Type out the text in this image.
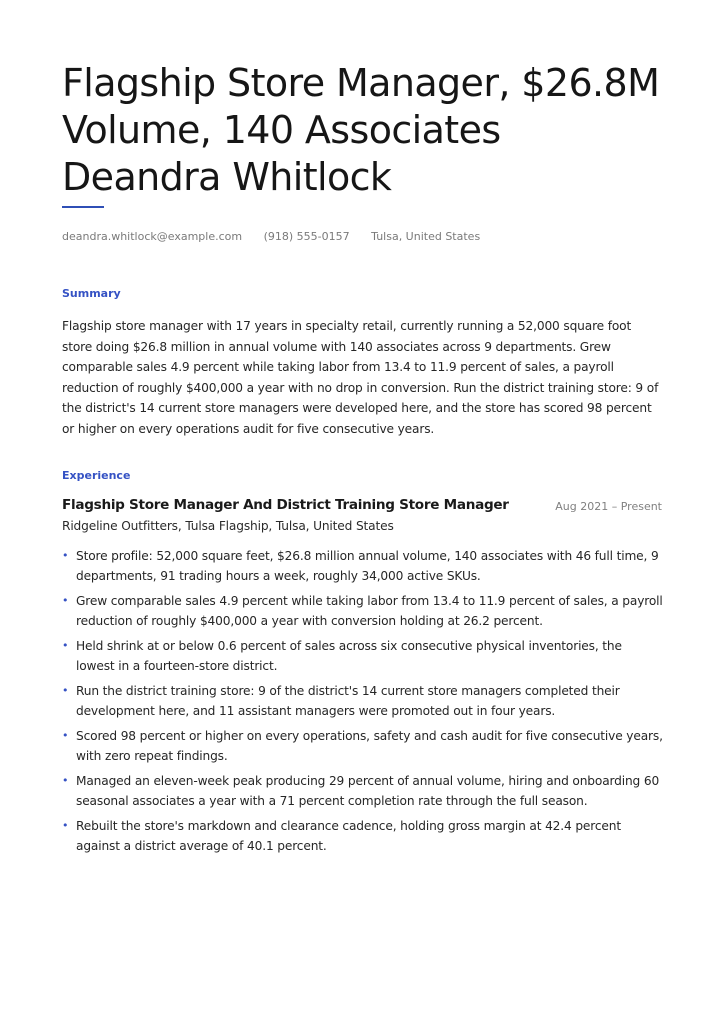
Flagship Store Manager, $26.8M
Volume, 140 Associates
Deandra Whitlock
deandra.whitlock@example.com (918) 555-0157 Tulsa, United States
Summary

Flagship store manager with 17 years in specialty retail, currently running a 52,000 square foot store doing $26.8 million in annual volume with 140 associates across 9 departments. Grew comparable sales 4.9 percent while taking labor from 13.4 to 11.9 percent of sales, a payroll reduction of roughly $400,000 a year with no drop in conversion. Run the district training store: 9 of the district's 14 current store managers were developed here, and the store has scored 98 percent or higher on every operations audit for five consecutive years.

Experience
Flagship Store Manager And District Training Store Manager	Aug 2021 – Present
Ridgeline Outfitters, Tulsa Flagship, Tulsa, United States
• Store profile: 52,000 square feet, $26.8 million annual volume, 140 associates with 46 full time, 9 departments, 91 trading hours a week, roughly 34,000 active SKUs.
• Grew comparable sales 4.9 percent while taking labor from 13.4 to 11.9 percent of sales, a payroll reduction of roughly $400,000 a year with conversion holding at 26.2 percent.
• Held shrink at or below 0.6 percent of sales across six consecutive physical inventories, the lowest in a fourteen-store district.
• Run the district training store: 9 of the district's 14 current store managers completed their development here, and 11 assistant managers were promoted out in four years.
• Scored 98 percent or higher on every operations, safety and cash audit for five consecutive years, with zero repeat findings.
• Managed an eleven-week peak producing 29 percent of annual volume, hiring and onboarding 60 seasonal associates a year with a 71 percent completion rate through the full season.
• Rebuilt the store's markdown and clearance cadence, holding gross margin at 42.4 percent against a district average of 40.1 percent.
